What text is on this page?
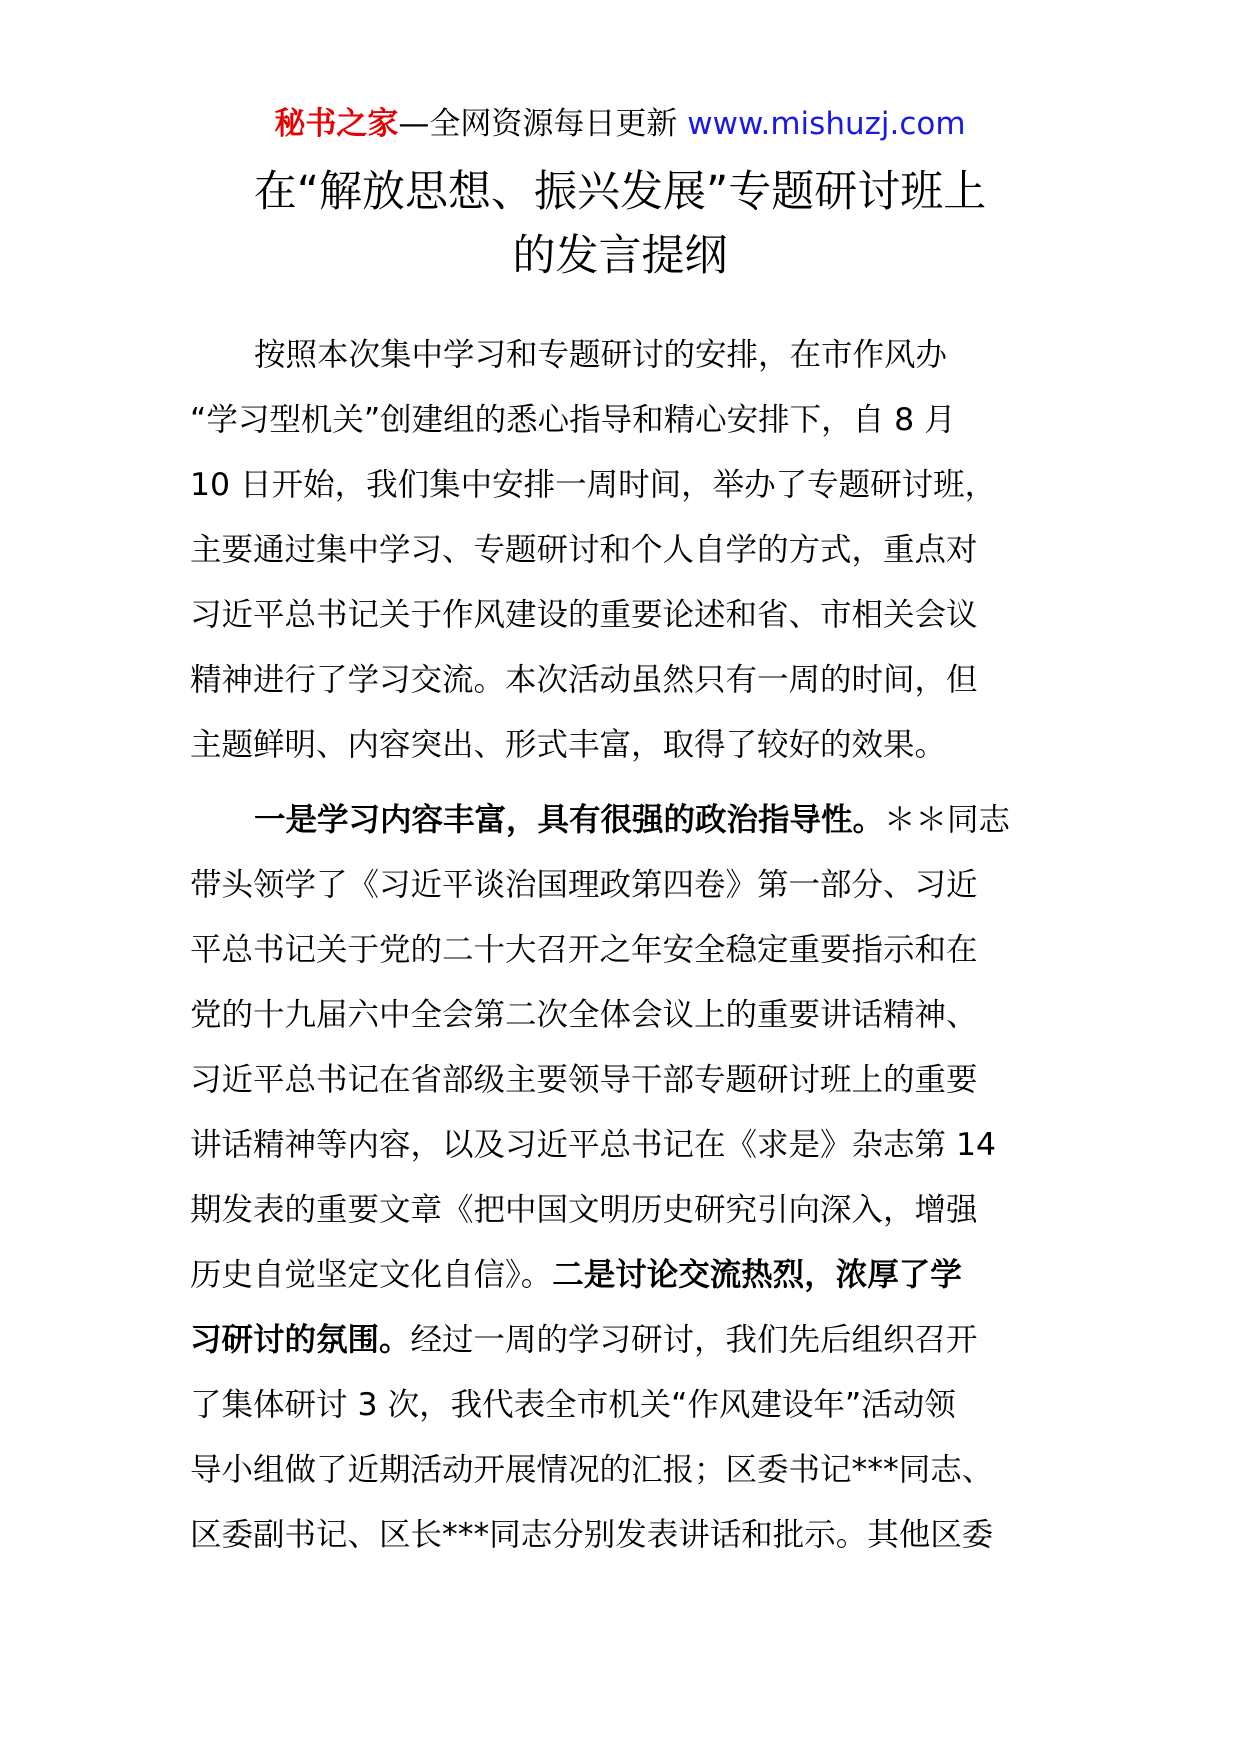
秘书之家—全网资源每日更新 www.mishuzj.com
在“解放思想、振兴发展”专题研讨班上
的发言提纲
按照本次集中学习和专题研讨的安排，在市作风办
“学习型机关”创建组的悉心指导和精心安排下，自 8 月
10 日开始，我们集中安排一周时间，举办了专题研讨班，
主要通过集中学习、专题研讨和个人自学的方式，重点对
习近平总书记关于作风建设的重要论述和省、市相关会议
精神进行了学习交流。本次活动虽然只有一周的时间，但
主题鲜明、内容突出、形式丰富，取得了较好的效果。
一是学习内容丰富，具有很强的政治指导性。＊＊同志
带头领学了《习近平谈治国理政第四卷》第一部分、习近
平总书记关于党的二十大召开之年安全稳定重要指示和在
党的十九届六中全会第二次全体会议上的重要讲话精神、
习近平总书记在省部级主要领导干部专题研讨班上的重要
讲话精神等内容，以及习近平总书记在《求是》杂志第 14
期发表的重要文章《把中国文明历史研究引向深入，增强
历史自觉坚定文化自信》。二是讨论交流热烈，浓厚了学
习研讨的氛围。经过一周的学习研讨，我们先后组织召开
了集体研讨 3 次，我代表全市机关“作风建设年”活动领
导小组做了近期活动开展情况的汇报；区委书记***同志、
区委副书记、区长***同志分别发表讲话和批示。其他区委
